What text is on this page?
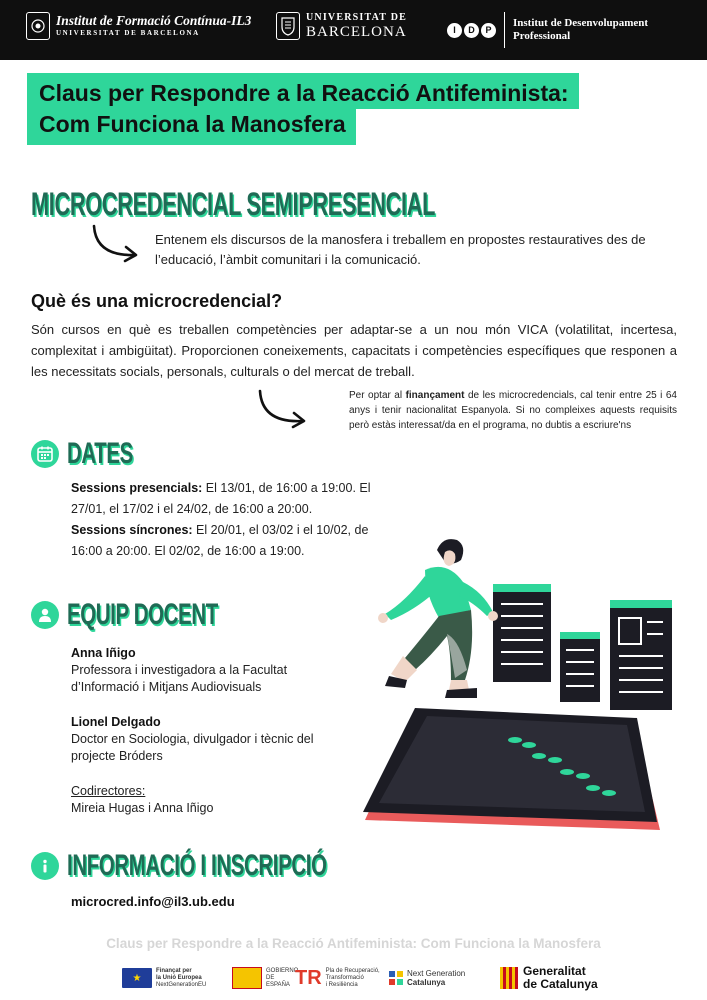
Institut de Formació Contínua-IL3
UNIVERSITAT DE BARCELONA
UNIVERSITAT DE
BARCELONA	I	D	P
Institut de Desenvolupament
Professional
Claus per Respondre a la Reacció Antifeminista:
Com Funciona la Manosfera
MICROCREDENCIAL SEMIPRESENCIAL
Entenem els discursos de la manosfera i treballem en propostes restauratives des de l’educació, l’àmbit comunitari i la comunicació.
Què és una microcredencial?
Són cursos en què es treballen competències per adaptar-se a un nou món VICA (volatilitat, incertesa, complexitat i ambigüitat). Proporcionen coneixements, capacitats i competències específiques que responen a les necessitats socials, personals, culturals o del mercat de treball.
Per optar al finançament de les microcredencials, cal tenir entre 25 i 64 anys i tenir nacionalitat Espanyola. Si no compleixes aquests requisits però estàs interessat/da en el programa, no dubtis a escriure'ns
DATES
Sessions presencials: El 13/01, de 16:00 a 19:00. El 27/01, el 17/02 i el 24/02, de 16:00 a 20:00.
Sessions síncrones: El 20/01, el 03/02 i el 10/02, de 16:00 a 20:00. El 02/02, de 16:00 a 19:00.
EQUIP DOCENT
Anna Iñigo
Professora i investigadora a la Facultat d’Informació i Mitjans Audiovisuals
Lionel Delgado
Doctor en Sociologia, divulgador i tècnic del projecte Bróders
Codirectores:
Mireia Hugas i Anna Iñigo
INFORMACIÓ I INSCRIPCIÓ
microcred.info@il3.ub.edu
Claus per Respondre a la Reacció Antifeminista: Com Funciona la Manosfera
★
Finançat per
la Unió Europea
NextGenerationEU
GOBIERNO DE ESPAÑA TR Pla de Recuperació,
Transformació
i Resiliència
Next Generation
Catalunya
Generalitat
de Catalunya
